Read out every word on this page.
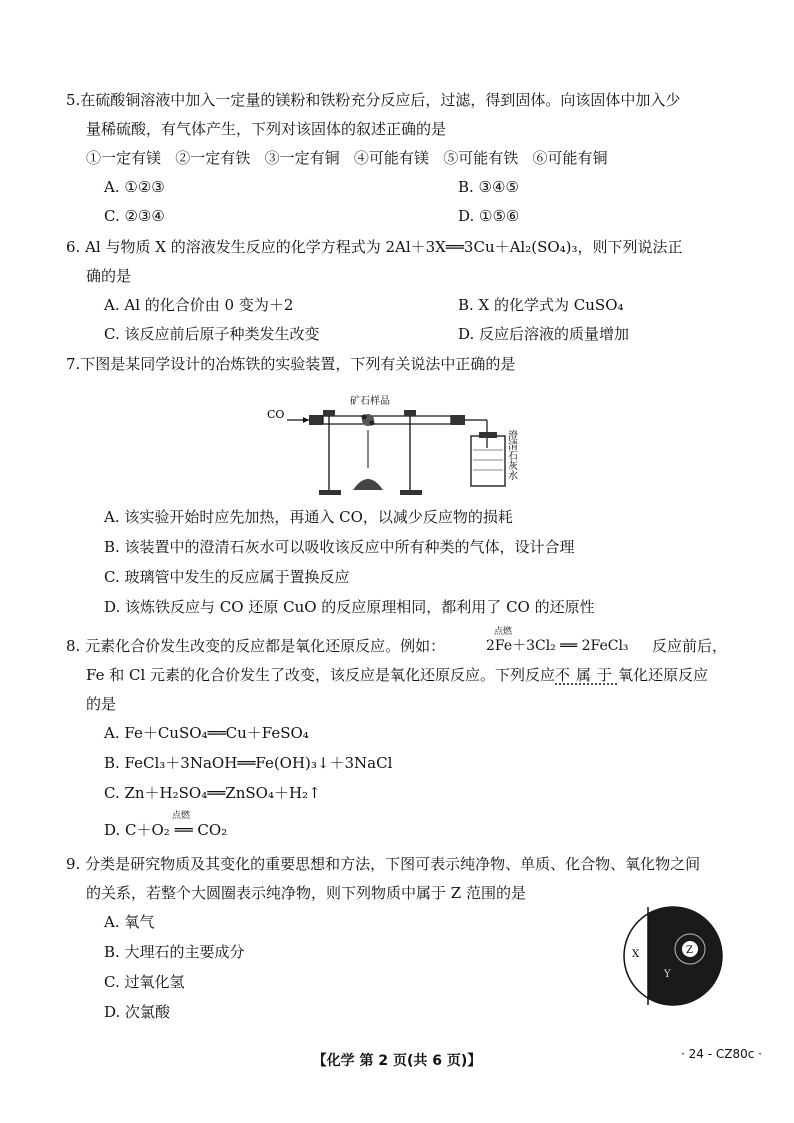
5.在硫酸铜溶液中加入一定量的镁粉和铁粉充分反应后，过滤，得到固体。向该固体中加入少
量稀硫酸，有气体产生，下列对该固体的叙述正确的是
①一定有镁   ②一定有铁   ③一定有铜   ④可能有镁   ⑤可能有铁   ⑥可能有铜
A. ①②③	B. ③④⑤
C. ②③④	D. ①⑤⑥
6. Al 与物质 X 的溶液发生反应的化学方程式为 2Al＋3X══3Cu＋Al₂(SO₄)₃，则下列说法正
确的是
A. Al 的化合价由 0 变为＋2	B. X 的化学式为 CuSO₄
C. 该反应前后原子种类发生改变	D. 反应后溶液的质量增加
7.下图是某同学设计的冶炼铁的实验装置，下列有关说法中正确的是
CO
矿石样品
澄清石灰水
A. 该实验开始时应先加热，再通入 CO，以减少反应物的损耗
B. 该装置中的澄清石灰水可以吸收该反应中所有种类的气体，设计合理
C. 玻璃管中发生的反应属于置换反应
D. 该炼铁反应与 CO 还原 CuO 的反应原理相同，都利用了 CO 的还原性
8. 元素化合价发生改变的反应都是氧化还原反应。例如：
点燃
2Fe＋3Cl₂ ══ 2FeCl₃ 反应前后，
Fe 和 Cl 元素的化合价发生了改变，该反应是氧化还原反应。下列反应不属于氧化还原反应
的是
A. Fe＋CuSO₄══Cu＋FeSO₄
B. FeCl₃＋3NaOH══Fe(OH)₃↓＋3NaCl
C. Zn＋H₂SO₄══ZnSO₄＋H₂↑
点燃
D. C＋O₂ ══ CO₂
9. 分类是研究物质及其变化的重要思想和方法，下图可表示纯净物、单质、化合物、氧化物之间
的关系，若整个大圆圈表示纯净物，则下列物质中属于 Z 范围的是
A. 氧气
B. 大理石的主要成分
C. 过氧化氢
D. 次氯酸
Z
X
Y
【化学 第 2 页(共 6 页)】	· 24 - CZ80c ·
